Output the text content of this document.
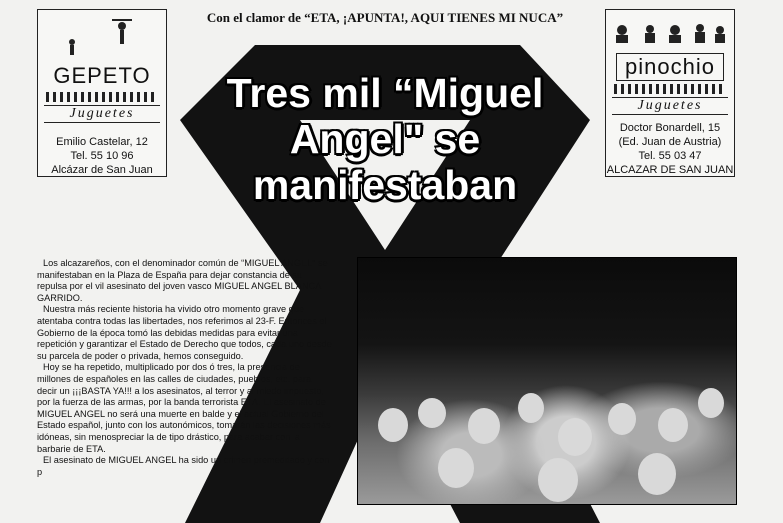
Con el clamor de “ETA, ¡APUNTA!, AQUI TIENES MI NUCA”
Tres mil “Miguel
Angel" se
manifestaban
GEPETO
Juguetes
Emilio Castelar, 12
Tel. 55 10 96
Alcázar de San Juan
pinochio
Juguetes
Doctor Bonardell, 15
(Ed. Juan de Austria)
Tel. 55 03 47
ALCAZAR DE SAN JUAN

Los alcazareños, con el denominador común de “MIGUEL ANGEL” se manifestaban en la Plaza de España para dejar constancia de su repulsa por el vil asesinato del joven vasco MIGUEL ANGEL BLANCA GARRIDO.

Nuestra más reciente historia ha vivido otro momento grave que atentaba contra todas las libertades, nos referimos al 23-F. Entonces el Gobierno de la época tomó las debidas medidas para evitar una repetición y garantizar el Estado de Derecho que todos, cada uno desde su parcela de poder o privada, hemos conseguido.

Hoy se ha repetido, multiplicado por dos ó tres, la presencia de millones de españoles en las calles de ciudades, pueblos, etc. para decir un ¡¡¡BASTA YA!!! a los asesinatos, al terror y al miedo impuesto, por la fuerza de las armas, por la banda terrorista ETA. El asesinato de MIGUEL ANGEL no será una muerte en balde y el actual Gobierno del Estado español, junto con los autonómicos, tomarán las decisiones más idóneas, sin menospreciar la de tipo drástico, para acabar con la barbarie de ETA.

El asesinato de MIGUEL ANGEL ha sido un crimen premeditado y con p
